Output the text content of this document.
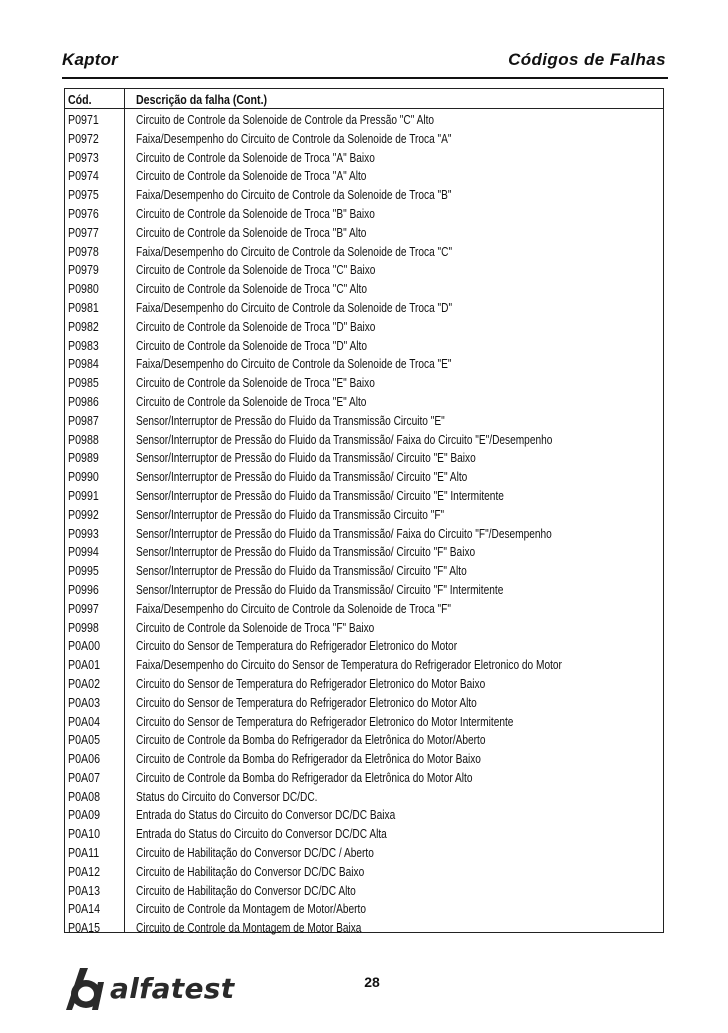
Kaptor	Códigos de Falhas
Cód.	Descrição da falha (Cont.)
P0971	Circuito de Controle da Solenoide de Controle da Pressão "C" Alto
P0972	Faixa/Desempenho do Circuito de Controle da Solenoide de Troca "A"
P0973	Circuito de Controle da Solenoide de Troca "A" Baixo
P0974	Circuito de Controle da Solenoide de Troca "A" Alto
P0975	Faixa/Desempenho do Circuito de Controle da Solenoide de Troca "B"
P0976	Circuito de Controle da Solenoide de Troca "B" Baixo
P0977	Circuito de Controle da Solenoide de Troca "B" Alto
P0978	Faixa/Desempenho do Circuito de Controle da Solenoide de Troca "C"
P0979	Circuito de Controle da Solenoide de Troca "C" Baixo
P0980	Circuito de Controle da Solenoide de Troca "C" Alto
P0981	Faixa/Desempenho do Circuito de Controle da Solenoide de Troca "D"
P0982	Circuito de Controle da Solenoide de Troca "D" Baixo
P0983	Circuito de Controle da Solenoide de Troca "D" Alto
P0984	Faixa/Desempenho do Circuito de Controle da Solenoide de Troca "E"
P0985	Circuito de Controle da Solenoide de Troca "E" Baixo
P0986	Circuito de Controle da Solenoide de Troca "E" Alto
P0987	Sensor/Interruptor de Pressão do Fluido da Transmissão Circuito "E"
P0988	Sensor/Interruptor de Pressão do Fluido da Transmissão/ Faixa do Circuito "E"/Desempenho
P0989	Sensor/Interruptor de Pressão do Fluido da Transmissão/ Circuito "E" Baixo
P0990	Sensor/Interruptor de Pressão do Fluido da Transmissão/ Circuito "E" Alto
P0991	Sensor/Interruptor de Pressão do Fluido da Transmissão/ Circuito "E" Intermitente
P0992	Sensor/Interruptor de Pressão do Fluido da Transmissão Circuito "F"
P0993	Sensor/Interruptor de Pressão do Fluido da Transmissão/ Faixa do Circuito "F"/Desempenho
P0994	Sensor/Interruptor de Pressão do Fluido da Transmissão/ Circuito "F" Baixo
P0995	Sensor/Interruptor de Pressão do Fluido da Transmissão/ Circuito "F" Alto
P0996	Sensor/Interruptor de Pressão do Fluido da Transmissão/ Circuito "F" Intermitente
P0997	Faixa/Desempenho do Circuito de Controle da Solenoide de Troca "F"
P0998	Circuito de Controle da Solenoide de Troca "F" Baixo
P0A00	Circuito do Sensor de Temperatura do Refrigerador Eletronico do Motor
P0A01	Faixa/Desempenho do Circuito do Sensor de Temperatura do Refrigerador Eletronico do Motor
P0A02	Circuito do Sensor de Temperatura do Refrigerador Eletronico do Motor Baixo
P0A03	Circuito do Sensor de Temperatura do Refrigerador Eletronico do Motor Alto
P0A04	Circuito do Sensor de Temperatura do Refrigerador Eletronico do Motor Intermitente
P0A05	Circuito de Controle da Bomba do Refrigerador da Eletrônica do Motor/Aberto
P0A06	Circuito de Controle da Bomba do Refrigerador da Eletrônica do Motor Baixo
P0A07	Circuito de Controle da Bomba do Refrigerador da Eletrônica do Motor Alto
P0A08	Status do Circuito do Conversor DC/DC.
P0A09	Entrada do Status do Circuito do Conversor DC/DC Baixa
P0A10	Entrada do Status do Circuito do Conversor DC/DC Alta
P0A11	Circuito de Habilitação do Conversor DC/DC / Aberto
P0A12	Circuito de Habilitação do Conversor DC/DC Baixo
P0A13	Circuito de Habilitação do Conversor DC/DC Alto
P0A14	Circuito de Controle da Montagem de Motor/Aberto
P0A15	Circuito de Controle da Montagem de Motor Baixa
alfatest	28
